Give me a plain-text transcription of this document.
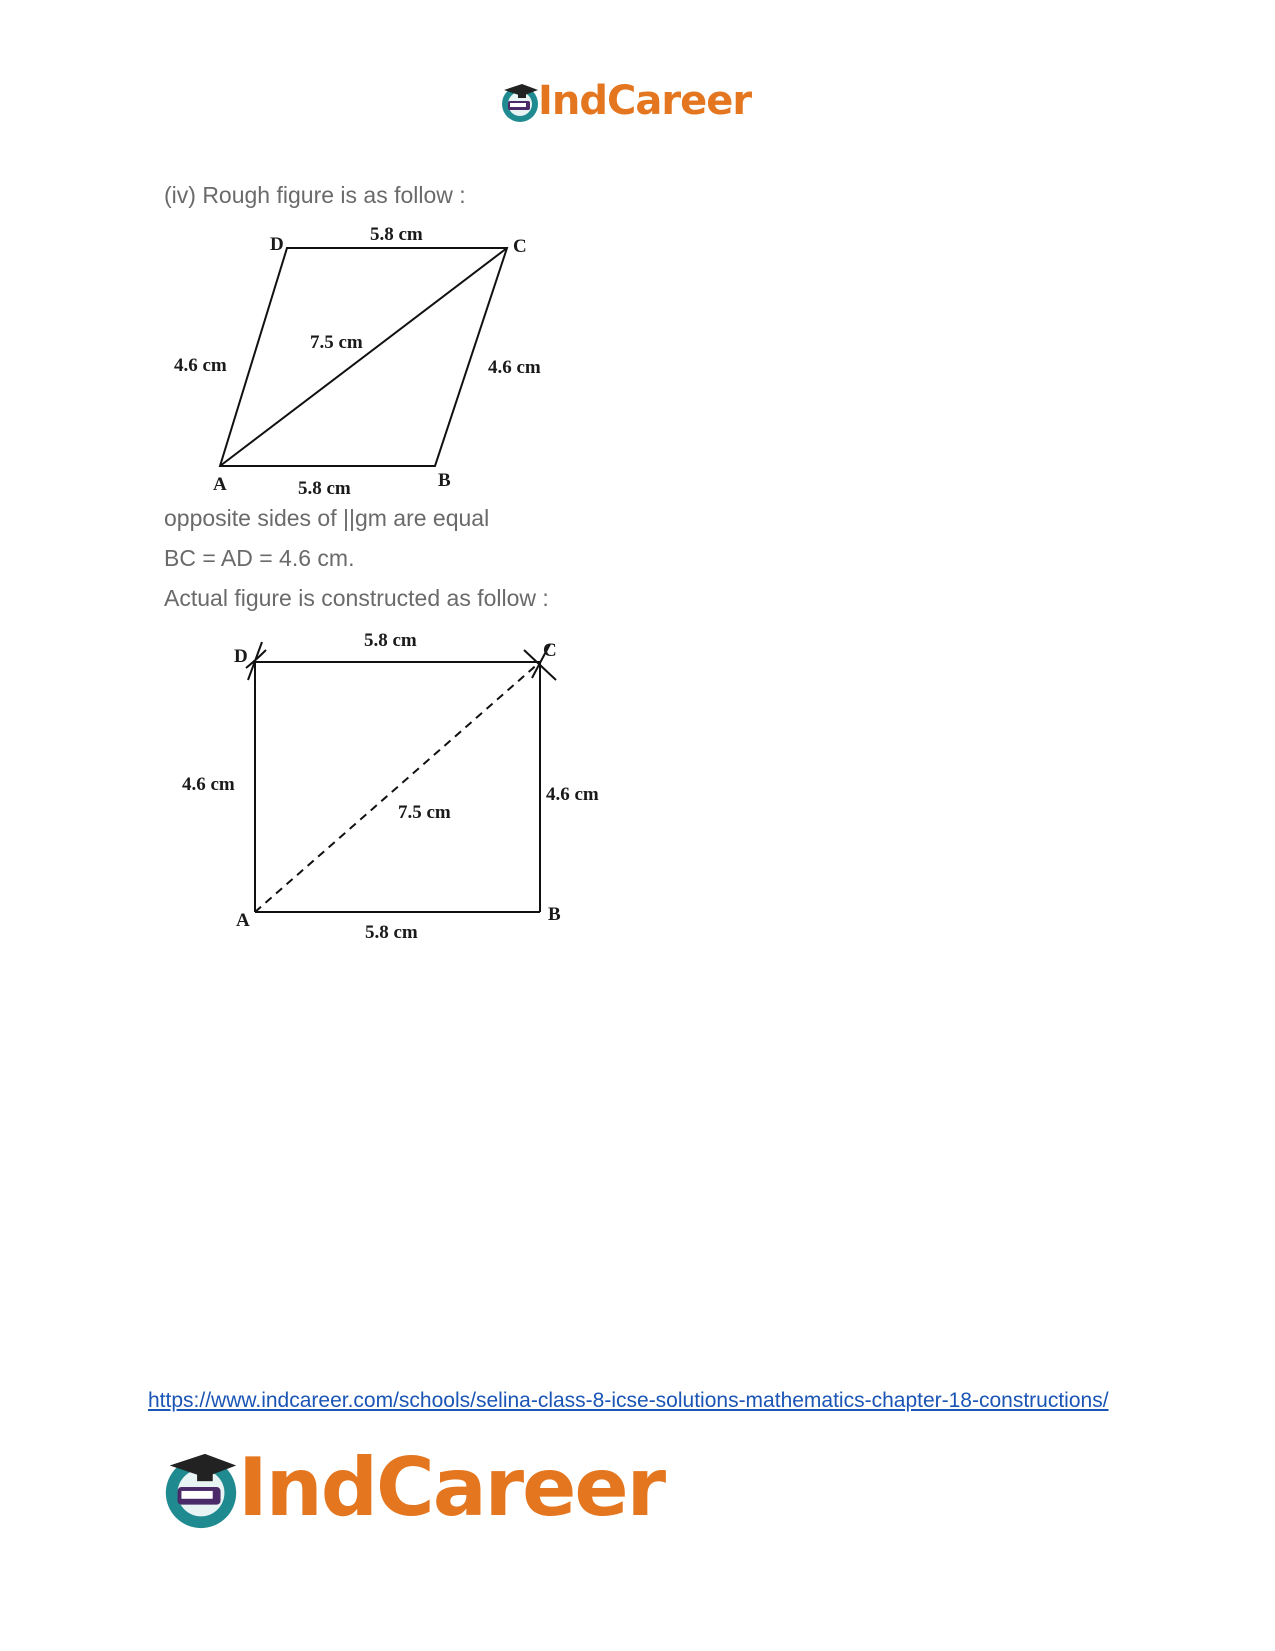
IndCareer
(iv) Rough figure is as follow :
D	C
A	B
5.8 cm
5.8 cm
4.6 cm	4.6 cm
7.5 cm
opposite sides of ||gm are equal
BC = AD = 4.6 cm.
Actual figure is constructed as follow :
D	C
A	B
5.8 cm
5.8 cm
4.6 cm	4.6 cm
7.5 cm
https://www.indcareer.com/schools/selina-class-8-icse-solutions-mathematics-chapter-18-constructions/
IndCareer
